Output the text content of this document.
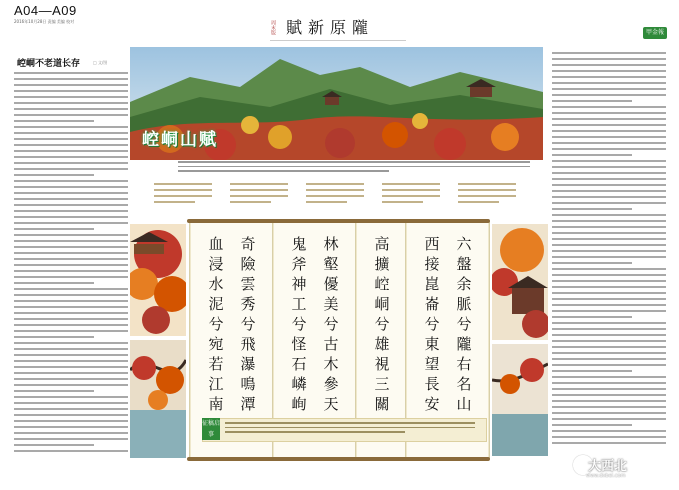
A04—A09
2016年10月28日 责编 美编 校对	周末版 賦新原隴	甲金報
崆峒不老道长存	□ 文/图
崆峒山赋
奇
險
雲
秀
兮
飛
瀑
鳴
潭
血
浸
水
泥
兮
宛
若
江
南
林
壑
優
美
兮
古
木
參
天
鬼
斧
神
工
兮
怪
石
嶙
峋
高
擴
崆
峒
兮
雄
視
三
關
六
盤
余
脈
兮
隴
右
名
山
西
接
崑
崙
兮
東
望
長
安
征稿启事
大西北
www.dxbei.com
